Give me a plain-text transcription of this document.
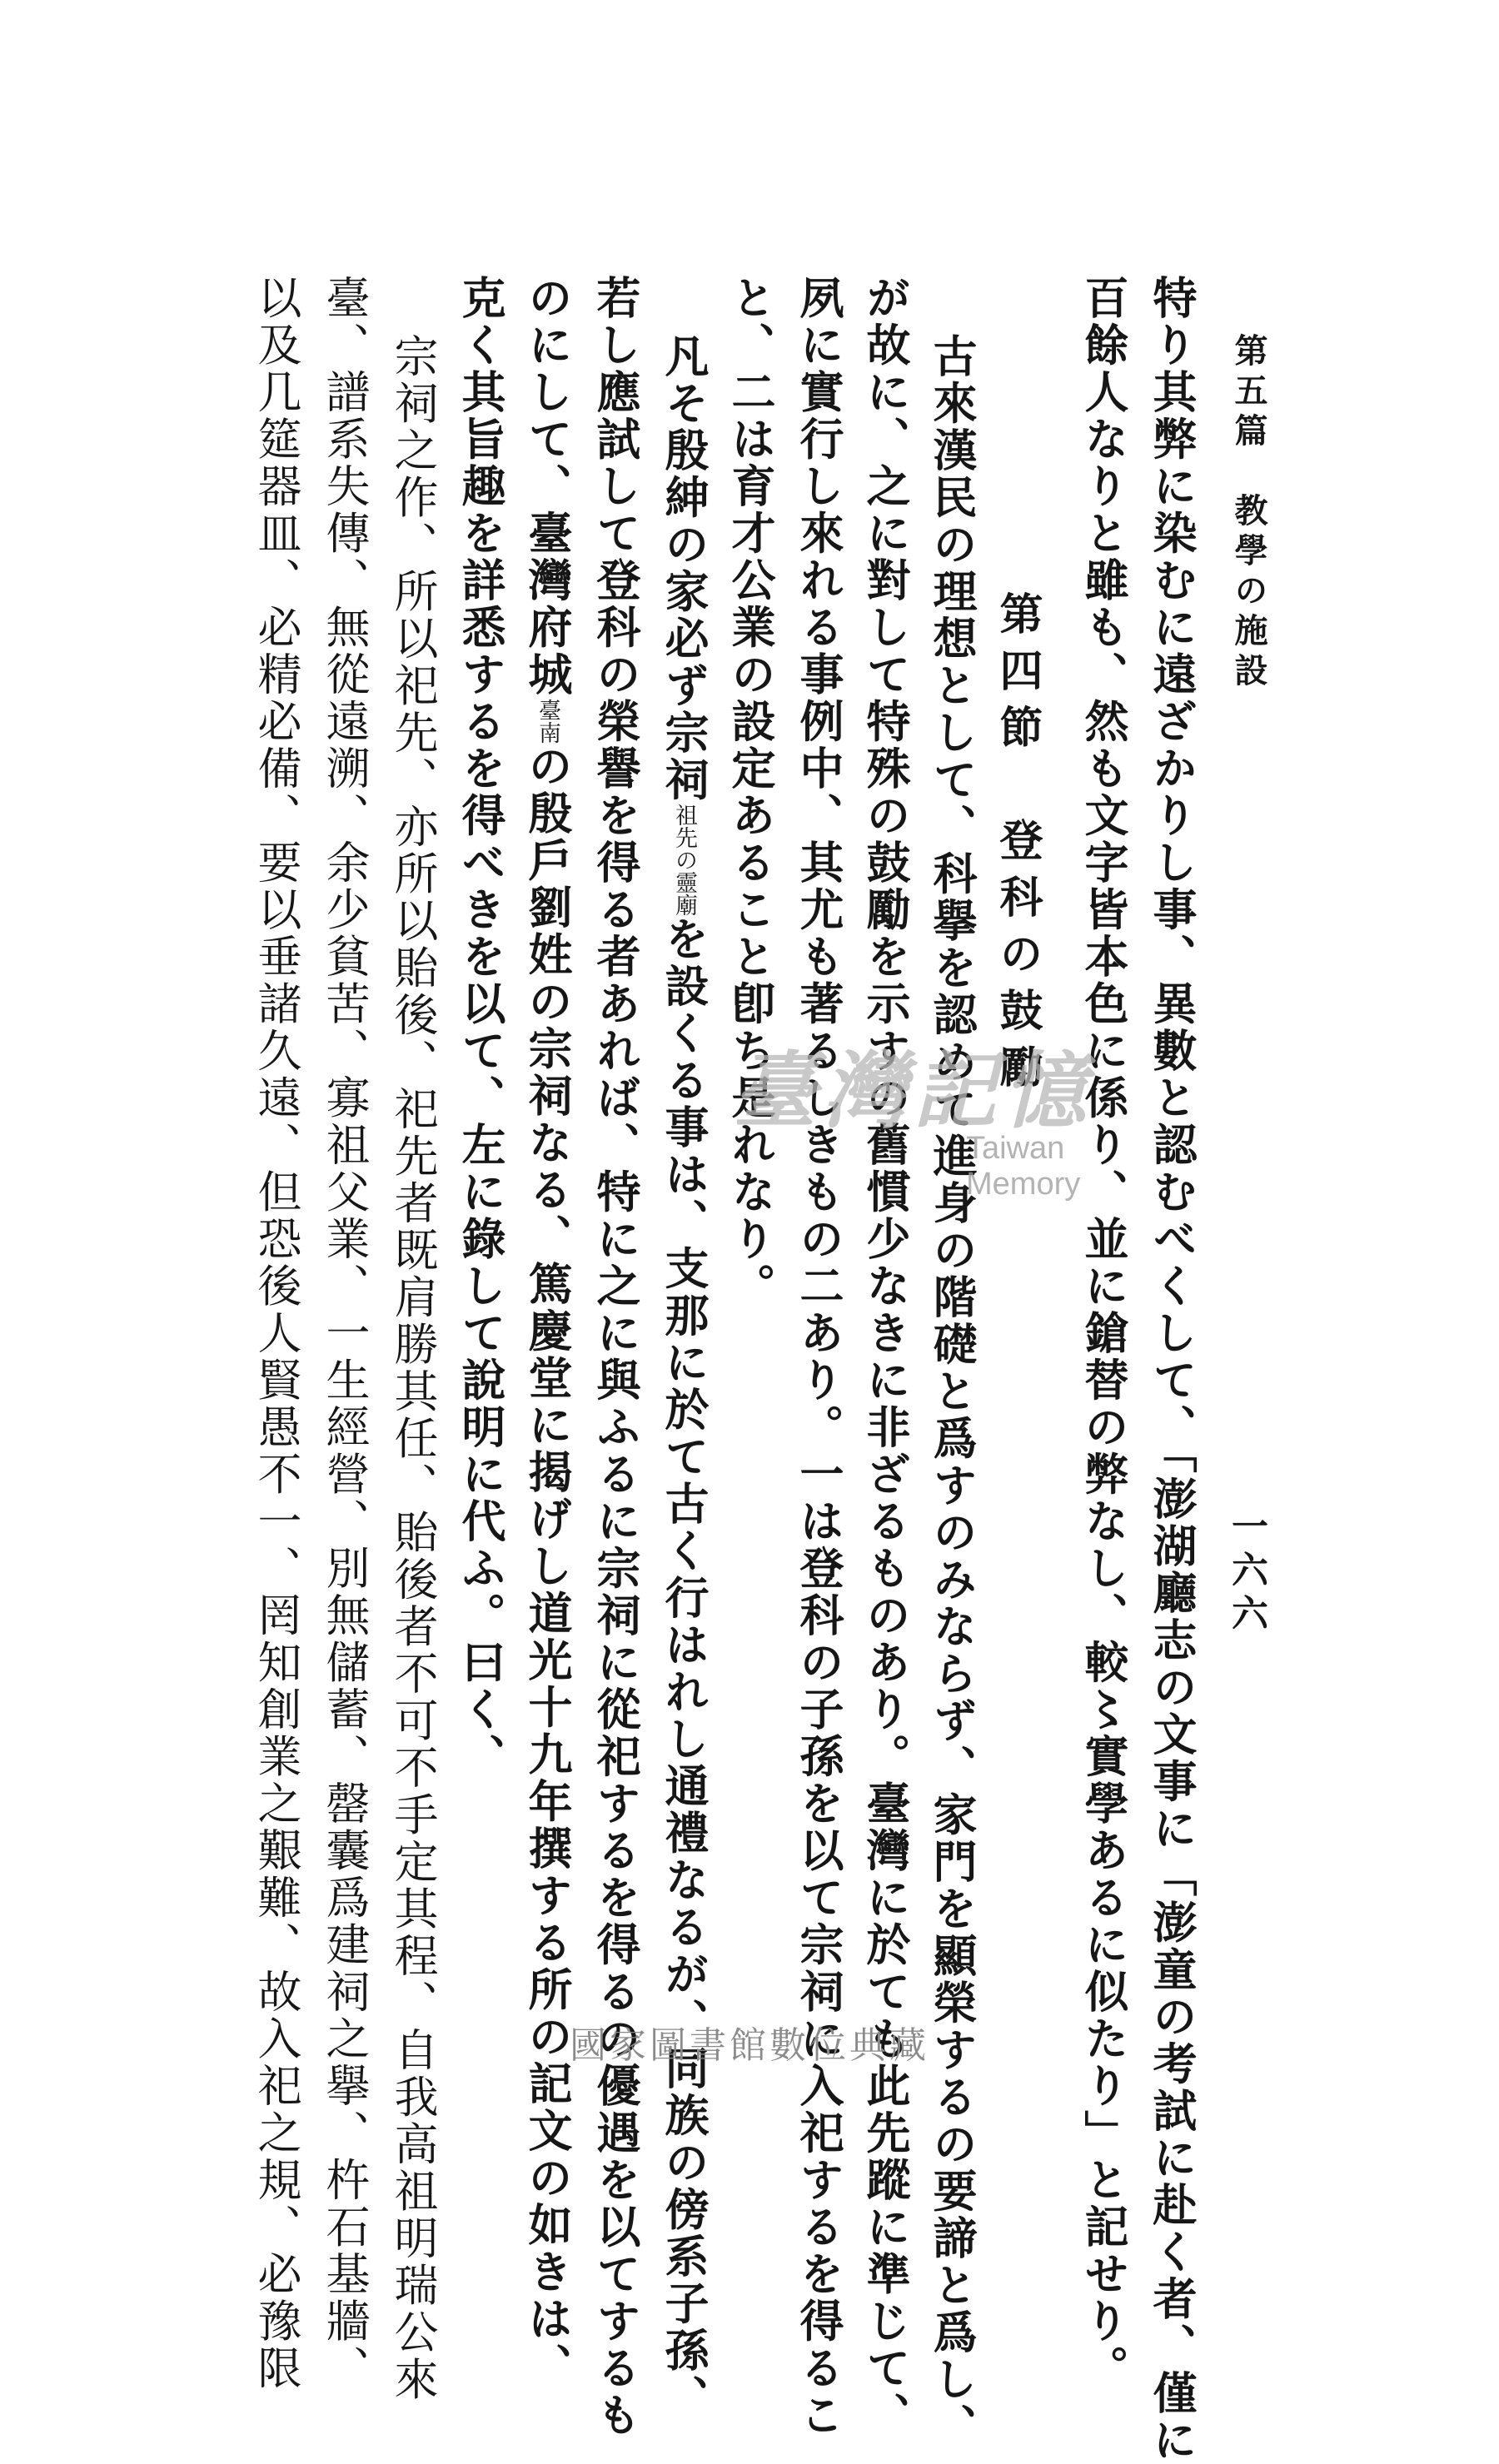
第五篇　教學の施設
一六六
特り其弊に染むに遠ざかりし事、異數と認むべくして、「澎湖廳志の文事に「澎童の考試に赴く者、僅に
百餘人なりと雖も、然も文字皆本色に係り、並に鎗替の弊なし、較〻實學あるに似たり」と記せり。
第四節　登科の鼓勵
古來漢民の理想として、科擧を認めて進身の階礎と爲すのみならず、家門を顯榮するの要諦と爲し、
が故に、之に對して特殊の鼓勵を示すの舊慣少なきに非ざるものあり。臺灣に於ても此先蹤に準じて、
夙に實行し來れる事例中、其尤も著るしきもの二あり。一は登科の子孫を以て宗祠に入祀するを得るこ
と、二は育才公業の設定あること卽ち是れなり。
凡そ殷紳の家必ず宗祠祖先の靈廟を設くる事は、支那に於て古く行はれし通禮なるが、同族の傍系子孫、
若し應試して登科の榮譽を得る者あれば、特に之に與ふるに宗祠に從祀するを得るの優遇を以てするも
のにして、臺灣府城臺南の殷戶劉姓の宗祠なる、篤慶堂に揭げし道光十九年撰する所の記文の如きは、
克く其旨趣を詳悉するを得べきを以て、左に錄して說明に代ふ。曰く、
宗祠之作、所以祀先、亦所以貽後、祀先者既肩勝其任、貽後者不可不手定其程、自我高祖明瑞公來
臺、譜系失傳、無從遠溯、余少貧苦、寡祖父業、一生經營、別無儲蓄、罄囊爲建祠之擧、杵石基牆、
以及几筵器皿、必精必備、要以垂諸久遠、但恐後人賢愚不一、罔知創業之艱難、故入祀之規、必豫限	臺灣記憶
Taiwan Memory
國家圖書館數位典藏
